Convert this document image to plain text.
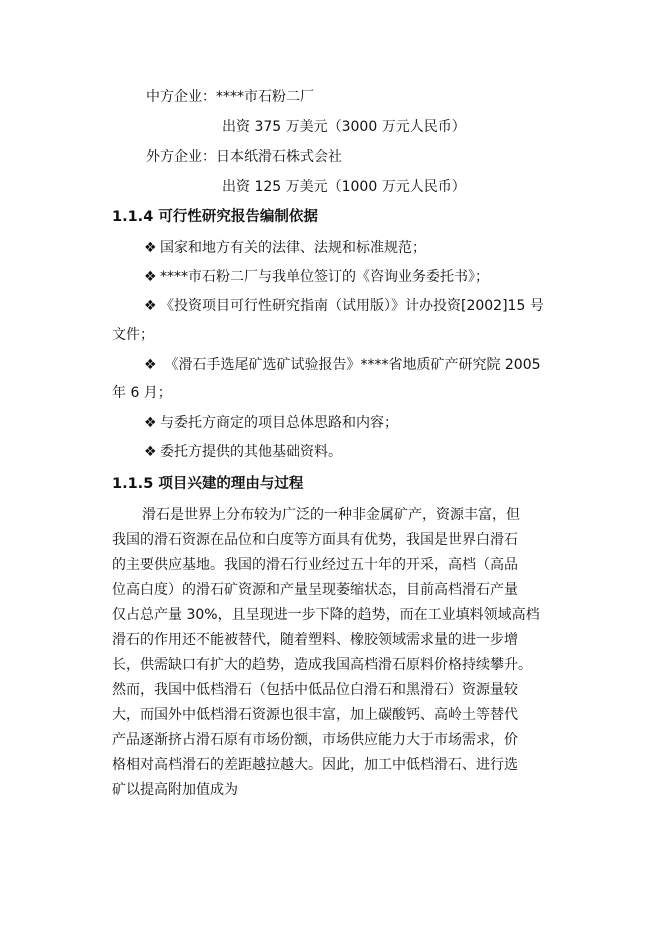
中方企业：****市石粉二厂
出资 375 万美元（3000 万元人民币）
外方企业：日本纸滑石株式会社
出资 125 万美元（1000 万元人民币）
1.1.4 可行性研究报告编制依据
❖ 国家和地方有关的法律、法规和标准规范；
❖ ****市石粉二厂与我单位签订的《咨询业务委托书》；
❖ 《投资项目可行性研究指南（试用版）》计办投资[2002]15 号
文件；
❖ 《滑石手选尾矿选矿试验报告》****省地质矿产研究院 2005
年 6 月；
❖ 与委托方商定的项目总体思路和内容；
❖ 委托方提供的其他基础资料。
1.1.5 项目兴建的理由与过程
滑石是世界上分布较为广泛的一种非金属矿产，资源丰富，但
我国的滑石资源在品位和白度等方面具有优势，我国是世界白滑石
的主要供应基地。我国的滑石行业经过五十年的开采，高档（高品
位高白度）的滑石矿资源和产量呈现萎缩状态，目前高档滑石产量
仅占总产量 30%，且呈现进一步下降的趋势，而在工业填料领域高档
滑石的作用还不能被替代，随着塑料、橡胶领域需求量的进一步增
长，供需缺口有扩大的趋势，造成我国高档滑石原料价格持续攀升。
然而，我国中低档滑石（包括中低品位白滑石和黑滑石）资源量较
大，而国外中低档滑石资源也很丰富，加上碳酸钙、高岭土等替代
产品逐渐挤占滑石原有市场份额，市场供应能力大于市场需求，价
格相对高档滑石的差距越拉越大。因此，加工中低档滑石、进行选
矿以提高附加值成为
